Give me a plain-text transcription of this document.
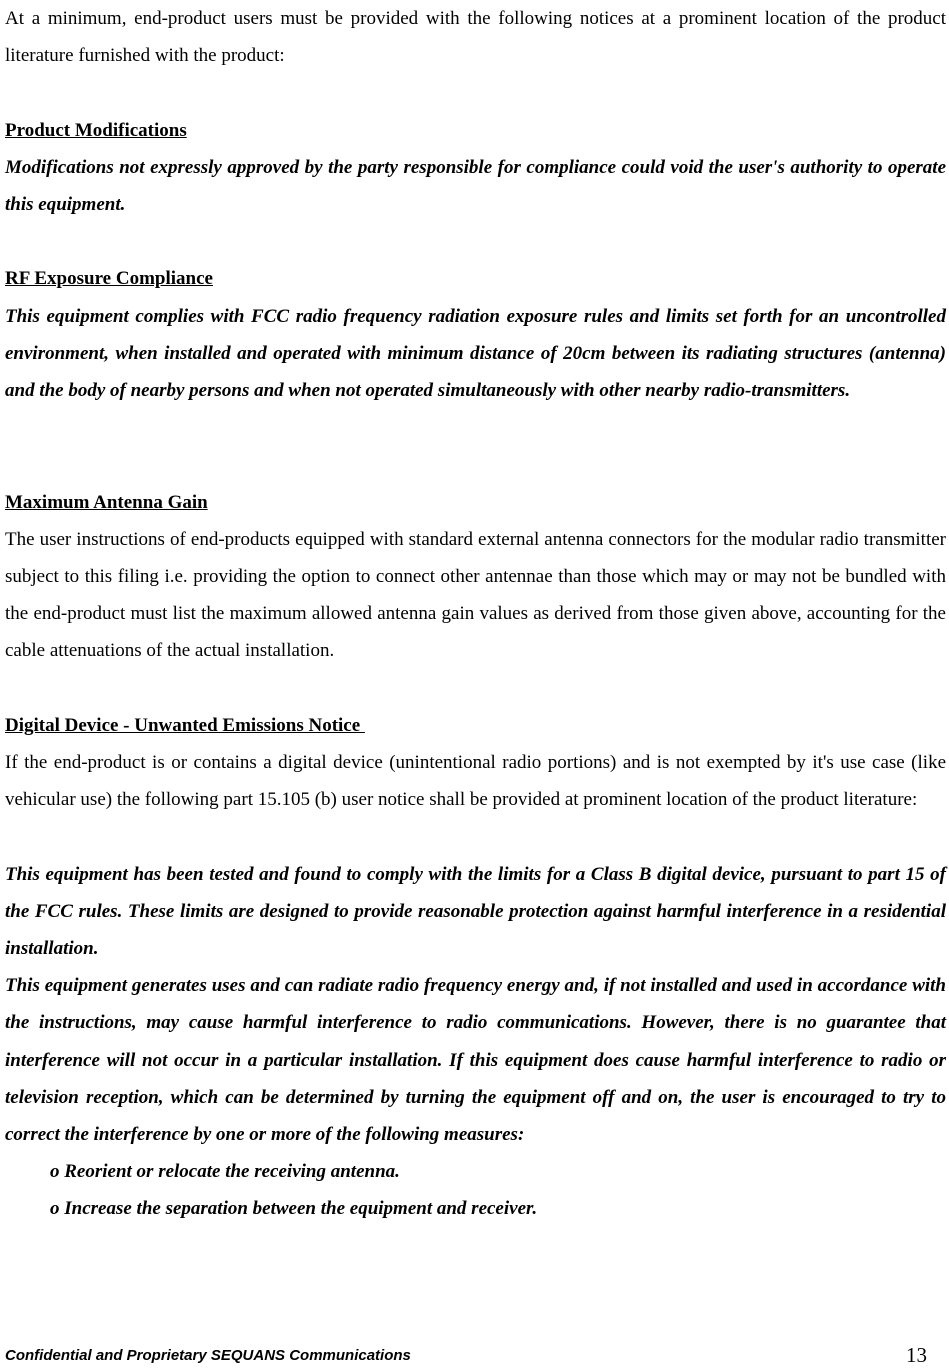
At a minimum, end-product users must be provided with the following notices at a prominent location of the product literature furnished with the product:

Product Modifications

Modifications not expressly approved by the party responsible for compliance could void the user's authority to operate this equipment.

RF Exposure Compliance

This equipment complies with FCC radio frequency radiation exposure rules and limits set forth for an uncontrolled environment, when installed and operated with minimum distance of 20cm between its radiating structures (antenna) and the body of nearby persons and when not operated simultaneously with other nearby radio-transmitters.

Maximum Antenna Gain

The user instructions of end-products equipped with standard external antenna connectors for the modular radio transmitter subject to this filing i.e. providing the option to connect other antennae than those which may or may not be bundled with the end-product must list the maximum allowed antenna gain values as derived from those given above, accounting for the cable attenuations of the actual installation.

Digital Device - Unwanted Emissions Notice

If the end-product is or contains a digital device (unintentional radio portions) and is not exempted by it's use case (like vehicular use) the following part 15.105 (b) user notice shall be provided at prominent location of the product literature:

This equipment has been tested and found to comply with the limits for a Class B digital device, pursuant to part 15 of the FCC rules. These limits are designed to provide reasonable protection against harmful interference in a residential installation.

This equipment generates uses and can radiate radio frequency energy and, if not installed and used in accordance with the instructions, may cause harmful interference to radio communications. However, there is no guarantee that interference will not occur in a particular installation. If this equipment does cause harmful interference to radio or television reception, which can be determined by turning the equipment off and on, the user is encouraged to try to correct the interference by one or more of the following measures:

o Reorient or relocate the receiving antenna.

o Increase the separation between the equipment and receiver.

Confidential and Proprietary SEQUANS Communications	13
